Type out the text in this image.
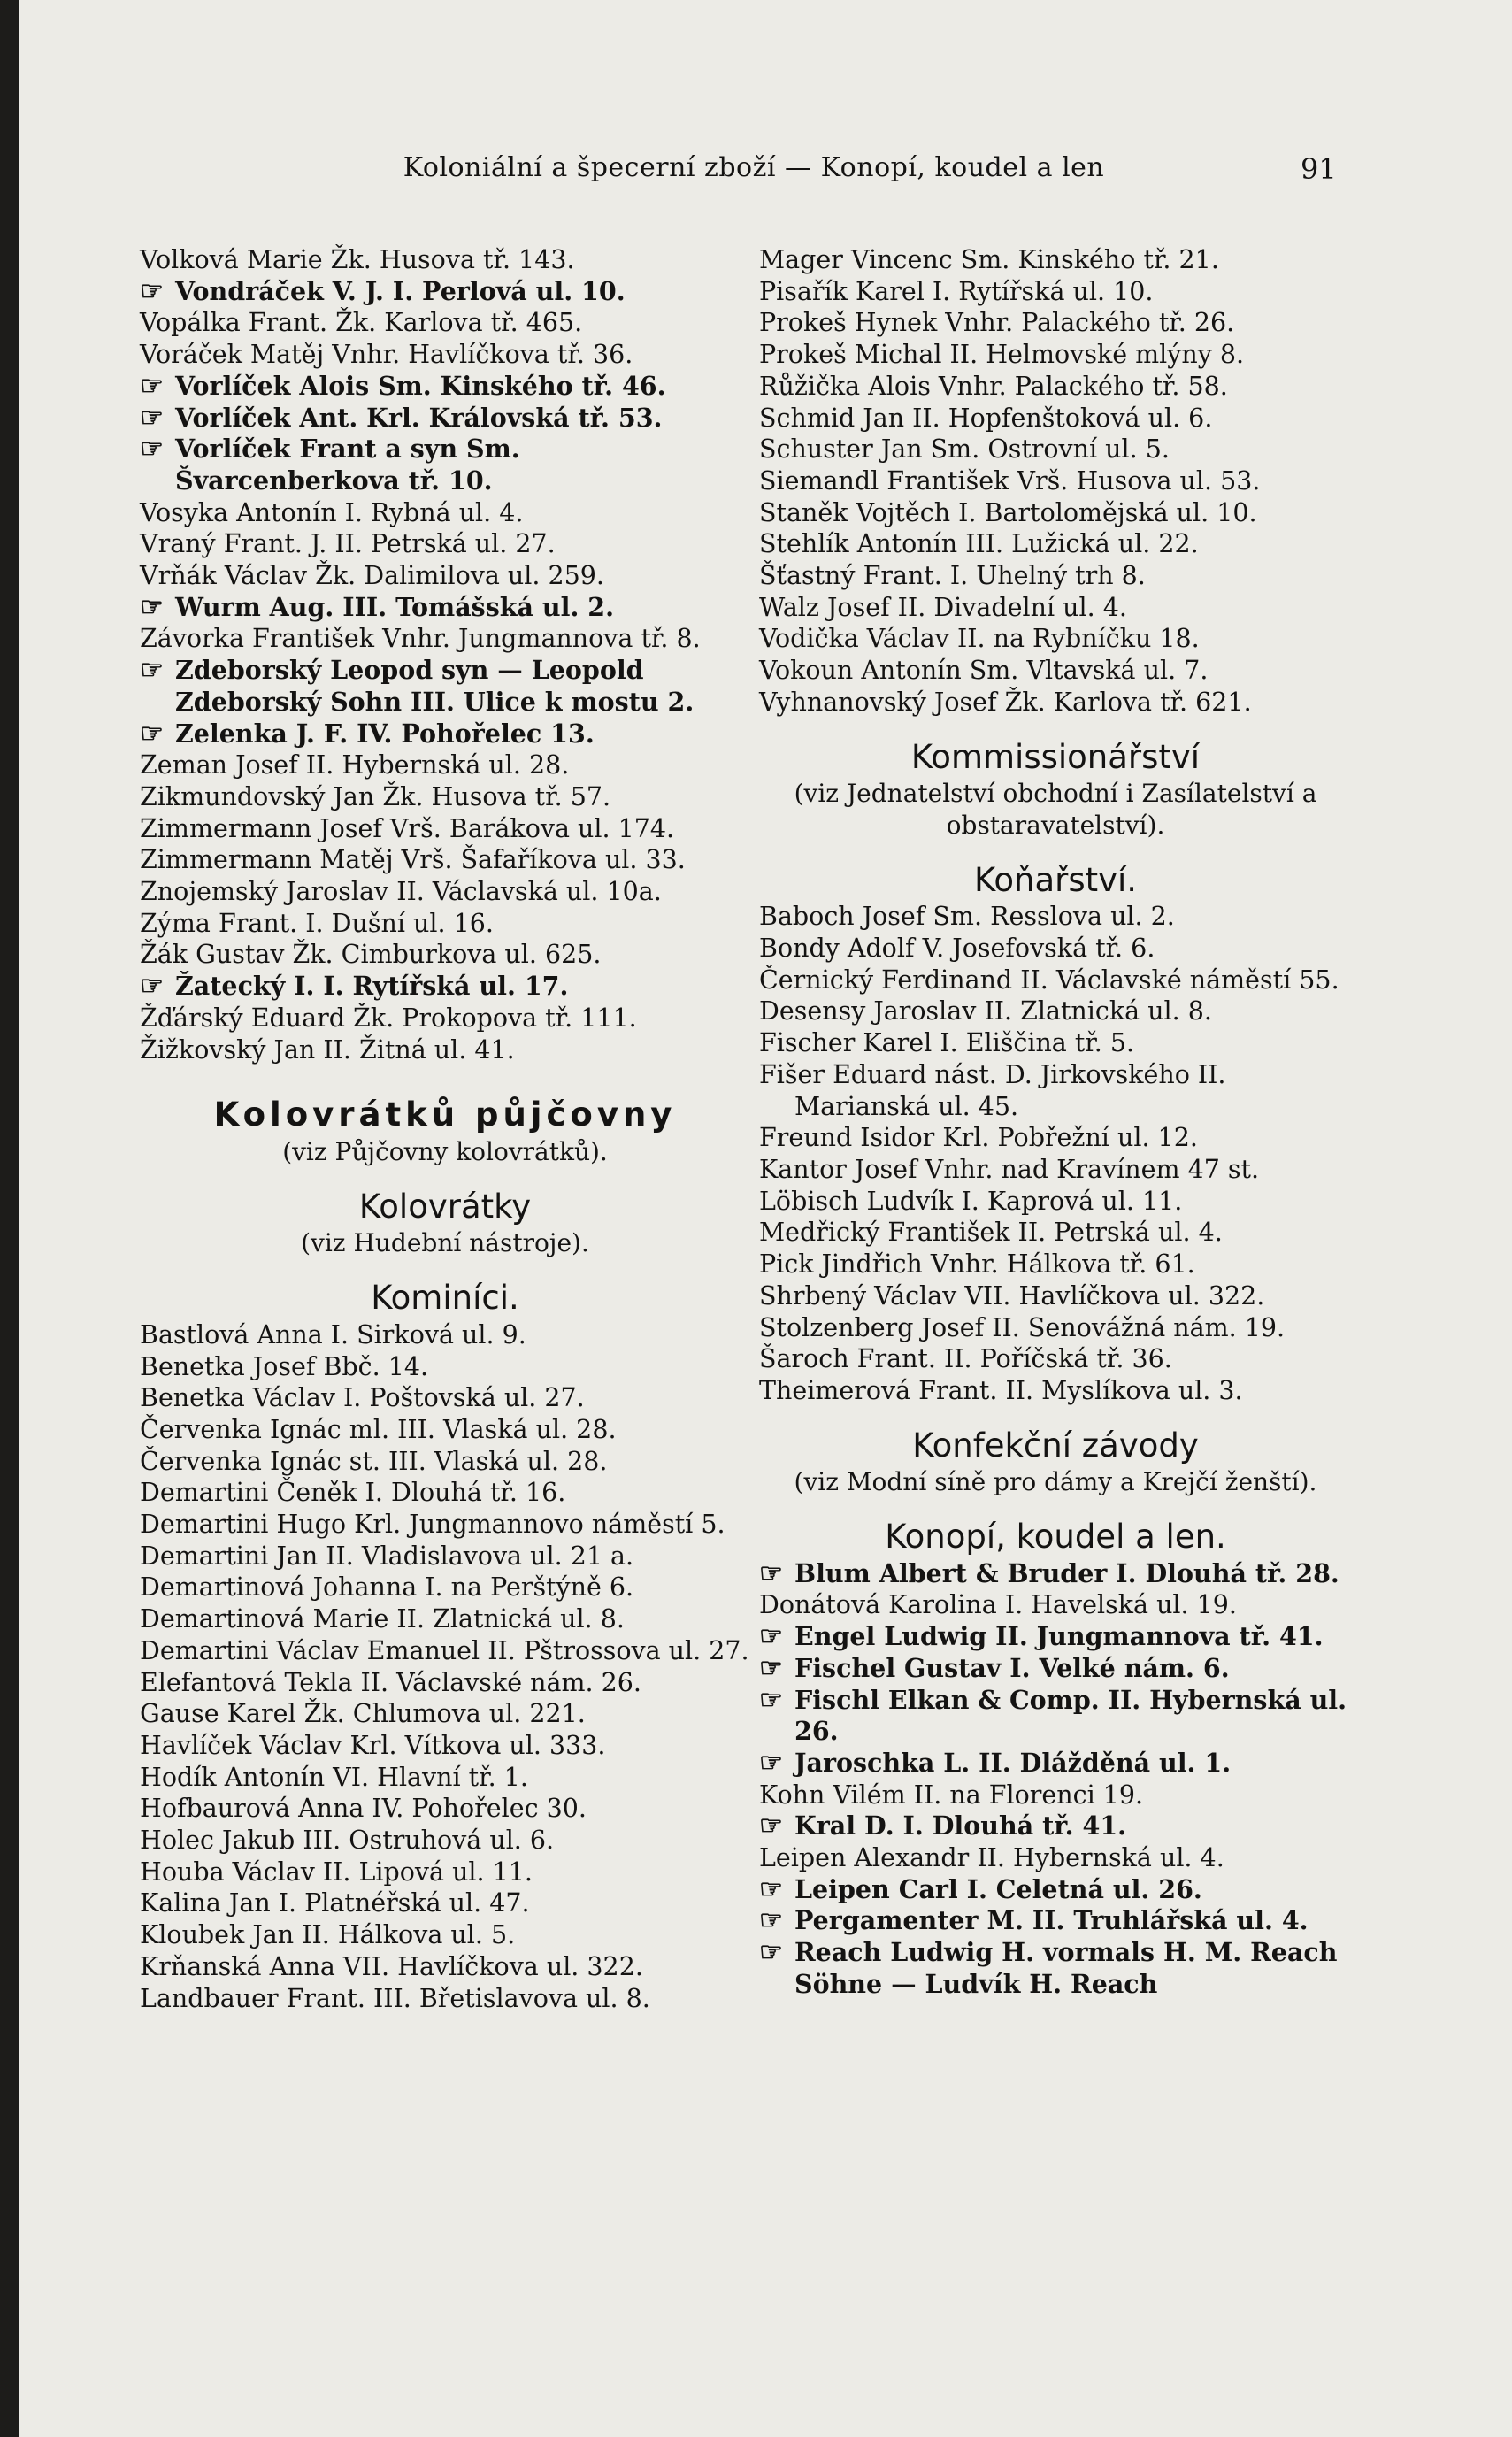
Koloniální a špecerní zboží — Konopí, koudel a len	91
Volková Marie Žk. Husova tř. 143.
☞ Vondráček V. J. I. Perlová ul. 10.
Vopálka Frant. Žk. Karlova tř. 465.
Voráček Matěj Vnhr. Havlíčkova tř. 36.
☞ Vorlíček Alois Sm. Kinského tř. 46.
☞ Vorlíček Ant. Krl. Královská tř. 53.
☞ Vorlíček Frant a syn Sm. Švarcenberkova tř. 10.
Vosyka Antonín I. Rybná ul. 4.
Vraný Frant. J. II. Petrská ul. 27.
Vrňák Václav Žk. Dalimilova ul. 259.
☞ Wurm Aug. III. Tomášská ul. 2.
Závorka František Vnhr. Jungmannova tř. 8.
☞ Zdeborský Leopod syn — Leopold Zdeborský Sohn III. Ulice k mostu 2.
☞ Zelenka J. F. IV. Pohořelec 13.
Zeman Josef II. Hybernská ul. 28.
Zikmundovský Jan Žk. Husova tř. 57.
Zimmermann Josef Vrš. Barákova ul. 174.
Zimmermann Matěj Vrš. Šafaříkova ul. 33.
Znojemský Jaroslav II. Václavská ul. 10a.
Zýma Frant. I. Dušní ul. 16.
Žák Gustav Žk. Cimburkova ul. 625.
☞ Žatecký I. I. Rytířská ul. 17.
Žďárský Eduard Žk. Prokopova tř. 111.
Žižkovský Jan II. Žitná ul. 41.
Kolovrátků půjčovny
(viz Půjčovny kolovrátků).
Kolovrátky
(viz Hudební nástroje).
Kominíci.
Bastlová Anna I. Sirková ul. 9.
Benetka Josef Bbč. 14.
Benetka Václav I. Poštovská ul. 27.
Červenka Ignác ml. III. Vlaská ul. 28.
Červenka Ignác st. III. Vlaská ul. 28.
Demartini Čeněk I. Dlouhá tř. 16.
Demartini Hugo Krl. Jungmannovo náměstí 5.
Demartini Jan II. Vladislavova ul. 21 a.
Demartinová Johanna I. na Perštýně 6.
Demartinová Marie II. Zlatnická ul. 8.
Demartini Václav Emanuel II. Pštrossova ul. 27.
Elefantová Tekla II. Václavské nám. 26.
Gause Karel Žk. Chlumova ul. 221.
Havlíček Václav Krl. Vítkova ul. 333.
Hodík Antonín VI. Hlavní tř. 1.
Hofbaurová Anna IV. Pohořelec 30.
Holec Jakub III. Ostruhová ul. 6.
Houba Václav II. Lipová ul. 11.
Kalina Jan I. Platnéřská ul. 47.
Kloubek Jan II. Hálkova ul. 5.
Krňanská Anna VII. Havlíčkova ul. 322.
Landbauer Frant. III. Břetislavova ul. 8.
Mager Vincenc Sm. Kinského tř. 21.
Pisařík Karel I. Rytířská ul. 10.
Prokeš Hynek Vnhr. Palackého tř. 26.
Prokeš Michal II. Helmovské mlýny 8.
Růžička Alois Vnhr. Palackého tř. 58.
Schmid Jan II. Hopfenštoková ul. 6.
Schuster Jan Sm. Ostrovní ul. 5.
Siemandl František Vrš. Husova ul. 53.
Staněk Vojtěch I. Bartolomějská ul. 10.
Stehlík Antonín III. Lužická ul. 22.
Šťastný Frant. I. Uhelný trh 8.
Walz Josef II. Divadelní ul. 4.
Vodička Václav II. na Rybníčku 18.
Vokoun Antonín Sm. Vltavská ul. 7.
Vyhnanovský Josef Žk. Karlova tř. 621.
Kommissionářství
(viz Jednatelství obchodní i Zasílatelství a obstaravatelství).
Koňařství.
Baboch Josef Sm. Resslova ul. 2.
Bondy Adolf V. Josefovská tř. 6.
Černický Ferdinand II. Václavské náměstí 55.
Desensy Jaroslav II. Zlatnická ul. 8.
Fischer Karel I. Eliščina tř. 5.
Fišer Eduard nást. D. Jirkovského II. Marianská ul. 45.
Freund Isidor Krl. Pobřežní ul. 12.
Kantor Josef Vnhr. nad Kravínem 47 st.
Löbisch Ludvík I. Kaprová ul. 11.
Medřický František II. Petrská ul. 4.
Pick Jindřich Vnhr. Hálkova tř. 61.
Shrbený Václav VII. Havlíčkova ul. 322.
Stolzenberg Josef II. Senovážná nám. 19.
Šaroch Frant. II. Poříčská tř. 36.
Theimerová Frant. II. Myslíkova ul. 3.
Konfekční závody
(viz Modní síně pro dámy a Krejčí ženští).
Konopí, koudel a len.
☞ Blum Albert & Bruder I. Dlouhá tř. 28.
Donátová Karolina I. Havelská ul. 19.
☞ Engel Ludwig II. Jungmannova tř. 41.
☞ Fischel Gustav I. Velké nám. 6.
☞ Fischl Elkan & Comp. II. Hybernská ul. 26.
☞ Jaroschka L. II. Dlážděná ul. 1.
Kohn Vilém II. na Florenci 19.
☞ Kral D. I. Dlouhá tř. 41.
Leipen Alexandr II. Hybernská ul. 4.
☞ Leipen Carl I. Celetná ul. 26.
☞ Pergamenter M. II. Truhlářská ul. 4.
☞ Reach Ludwig H. vormals H. M. Reach Söhne — Ludvík H. Reach
